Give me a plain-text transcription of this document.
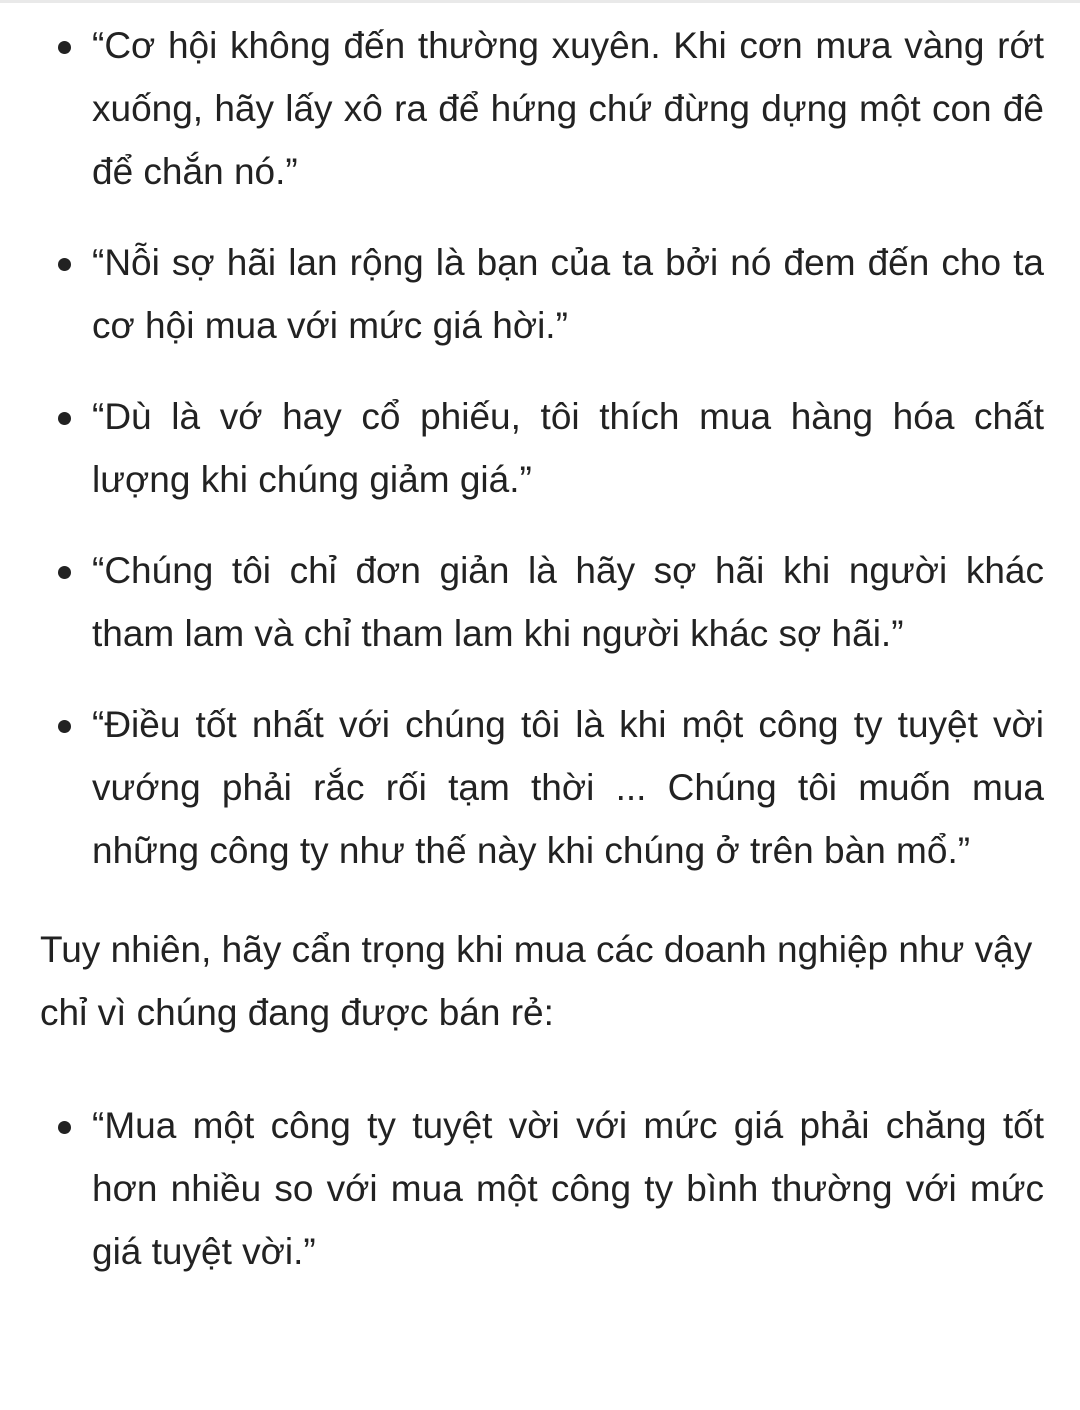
“Cơ hội không đến thường xuyên. Khi cơn mưa vàng rớt xuống, hãy lấy xô ra để hứng chứ đừng dựng một con đê để chắn nó.”
“Nỗi sợ hãi lan rộng là bạn của ta bởi nó đem đến cho ta cơ hội mua với mức giá hời.”
“Dù là vớ hay cổ phiếu, tôi thích mua hàng hóa chất lượng khi chúng giảm giá.”
“Chúng tôi chỉ đơn giản là hãy sợ hãi khi người khác tham lam và chỉ tham lam khi người khác sợ hãi.”
“Điều tốt nhất với chúng tôi là khi một công ty tuyệt vời vướng phải rắc rối tạm thời ... Chúng tôi muốn mua những công ty như thế này khi chúng ở trên bàn mổ.”

Tuy nhiên, hãy cẩn trọng khi mua các doanh nghiệp như vậy chỉ vì chúng đang được bán rẻ:

“Mua một công ty tuyệt vời với mức giá phải chăng tốt hơn nhiều so với mua một công ty bình thường với mức giá tuyệt vời.”
